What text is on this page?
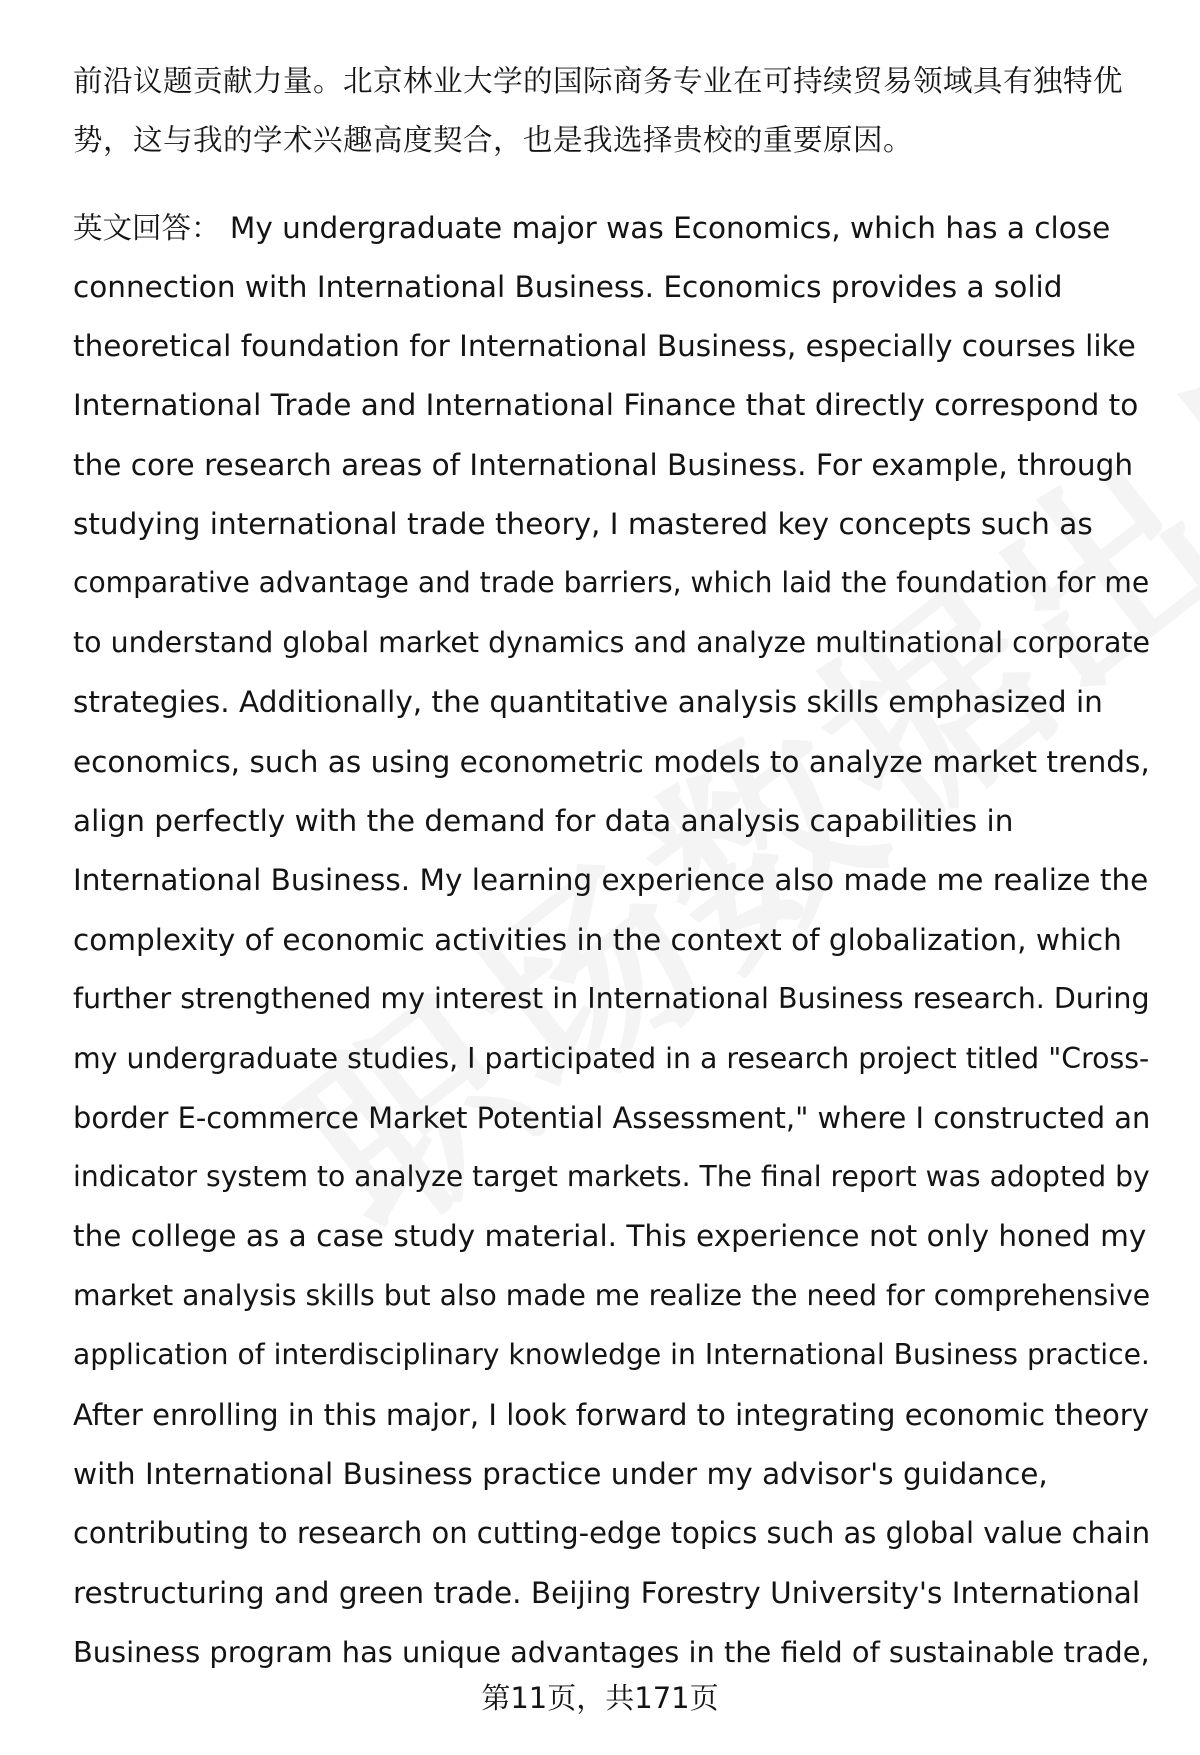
前沿议题贡献力量。北京林业大学的国际商务专业在可持续贸易领域具有独特优
势，这与我的学术兴趣高度契合，也是我选择贵校的重要原因。
英文回答： My undergraduate major was Economics, which has a close
connection with International Business. Economics provides a solid
theoretical foundation for International Business, especially courses like
International Trade and International Finance that directly correspond to
the core research areas of International Business. For example, through
studying international trade theory, I mastered key concepts such as
comparative advantage and trade barriers, which laid the foundation for me
to understand global market dynamics and analyze multinational corporate
strategies. Additionally, the quantitative analysis skills emphasized in
economics, such as using econometric models to analyze market trends,
align perfectly with the demand for data analysis capabilities in
International Business. My learning experience also made me realize the
complexity of economic activities in the context of globalization, which
further strengthened my interest in International Business research. During
my undergraduate studies, I participated in a research project titled "Cross-
border E-commerce Market Potential Assessment," where I constructed an
indicator system to analyze target markets. The final report was adopted by
the college as a case study material. This experience not only honed my
market analysis skills but also made me realize the need for comprehensive
application of interdisciplinary knowledge in International Business practice.
After enrolling in this major, I look forward to integrating economic theory
with International Business practice under my advisor's guidance,
contributing to research on cutting-edge topics such as global value chain
restructuring and green trade. Beijing Forestry University's International
Business program has unique advantages in the field of sustainable trade,
第11页，共171页
